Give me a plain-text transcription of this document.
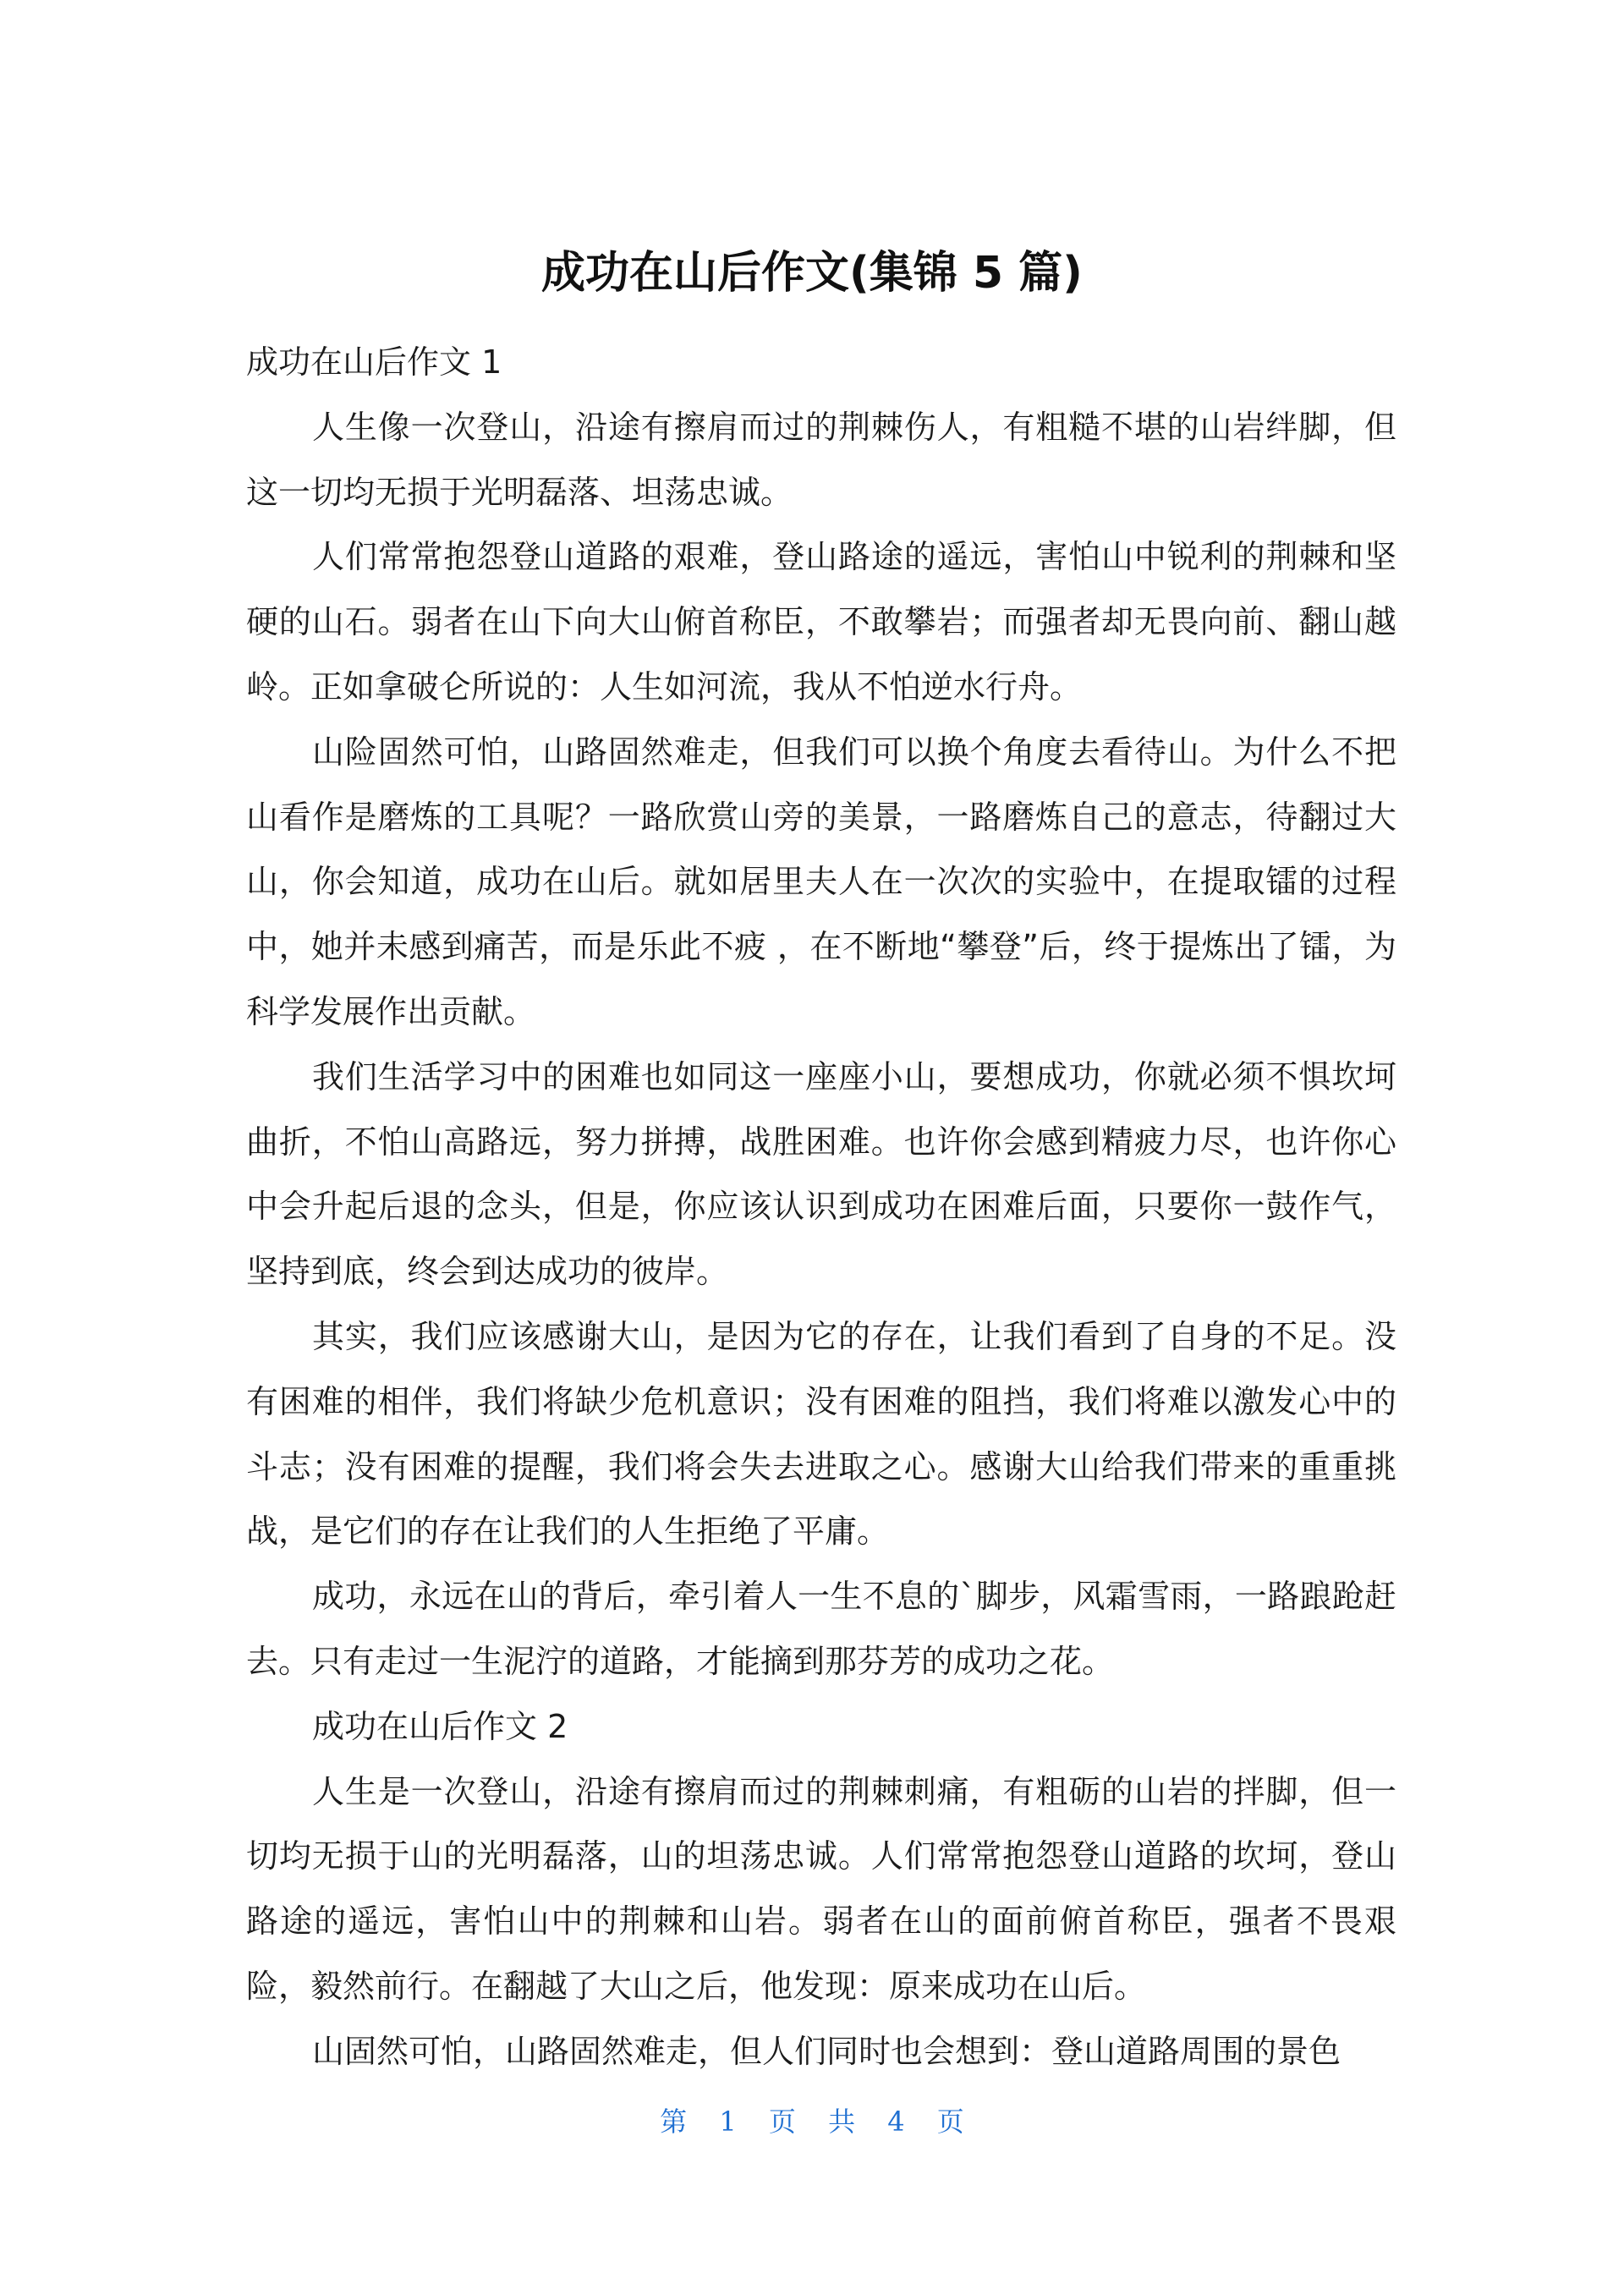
成功在山后作文(集锦 5 篇)

成功在山后作文 1

人生像一次登山，沿途有擦肩而过的荆棘伤人，有粗糙不堪的山岩绊脚，但这一切均无损于光明磊落、坦荡忠诚。

人们常常抱怨登山道路的艰难，登山路途的遥远，害怕山中锐利的荆棘和坚硬的山石。弱者在山下向大山俯首称臣，不敢攀岩；而强者却无畏向前、翻山越岭。正如拿破仑所说的：人生如河流，我从不怕逆水行舟。

山险固然可怕，山路固然难走，但我们可以换个角度去看待山。为什么不把山看作是磨炼的工具呢？一路欣赏山旁的美景，一路磨炼自己的意志，待翻过大山，你会知道，成功在山后。就如居里夫人在一次次的实验中，在提取镭的过程中，她并未感到痛苦，而是乐此不疲 ，在不断地“攀登”后，终于提炼出了镭，为科学发展作出贡献。

我们生活学习中的困难也如同这一座座小山，要想成功，你就必须不惧坎坷曲折，不怕山高路远，努力拼搏，战胜困难。也许你会感到精疲力尽，也许你心中会升起后退的念头，但是，你应该认识到成功在困难后面，只要你一鼓作气，坚持到底，终会到达成功的彼岸。

其实，我们应该感谢大山，是因为它的存在，让我们看到了自身的不足。没有困难的相伴，我们将缺少危机意识；没有困难的阻挡，我们将难以激发心中的斗志；没有困难的提醒，我们将会失去进取之心。感谢大山给我们带来的重重挑战，是它们的存在让我们的人生拒绝了平庸。

成功，永远在山的背后，牵引着人一生不息的`脚步，风霜雪雨，一路踉跄赶去。只有走过一生泥泞的道路，才能摘到那芬芳的成功之花。

成功在山后作文 2

人生是一次登山，沿途有擦肩而过的荆棘刺痛，有粗砺的山岩的拌脚，但一切均无损于山的光明磊落，山的坦荡忠诚。人们常常抱怨登山道路的坎坷，登山路途的遥远，害怕山中的荆棘和山岩。弱者在山的面前俯首称臣，强者不畏艰险，毅然前行。在翻越了大山之后，他发现：原来成功在山后。

山固然可怕，山路固然难走，但人们同时也会想到：登山道路周围的景色

第 1 页 共 4 页
